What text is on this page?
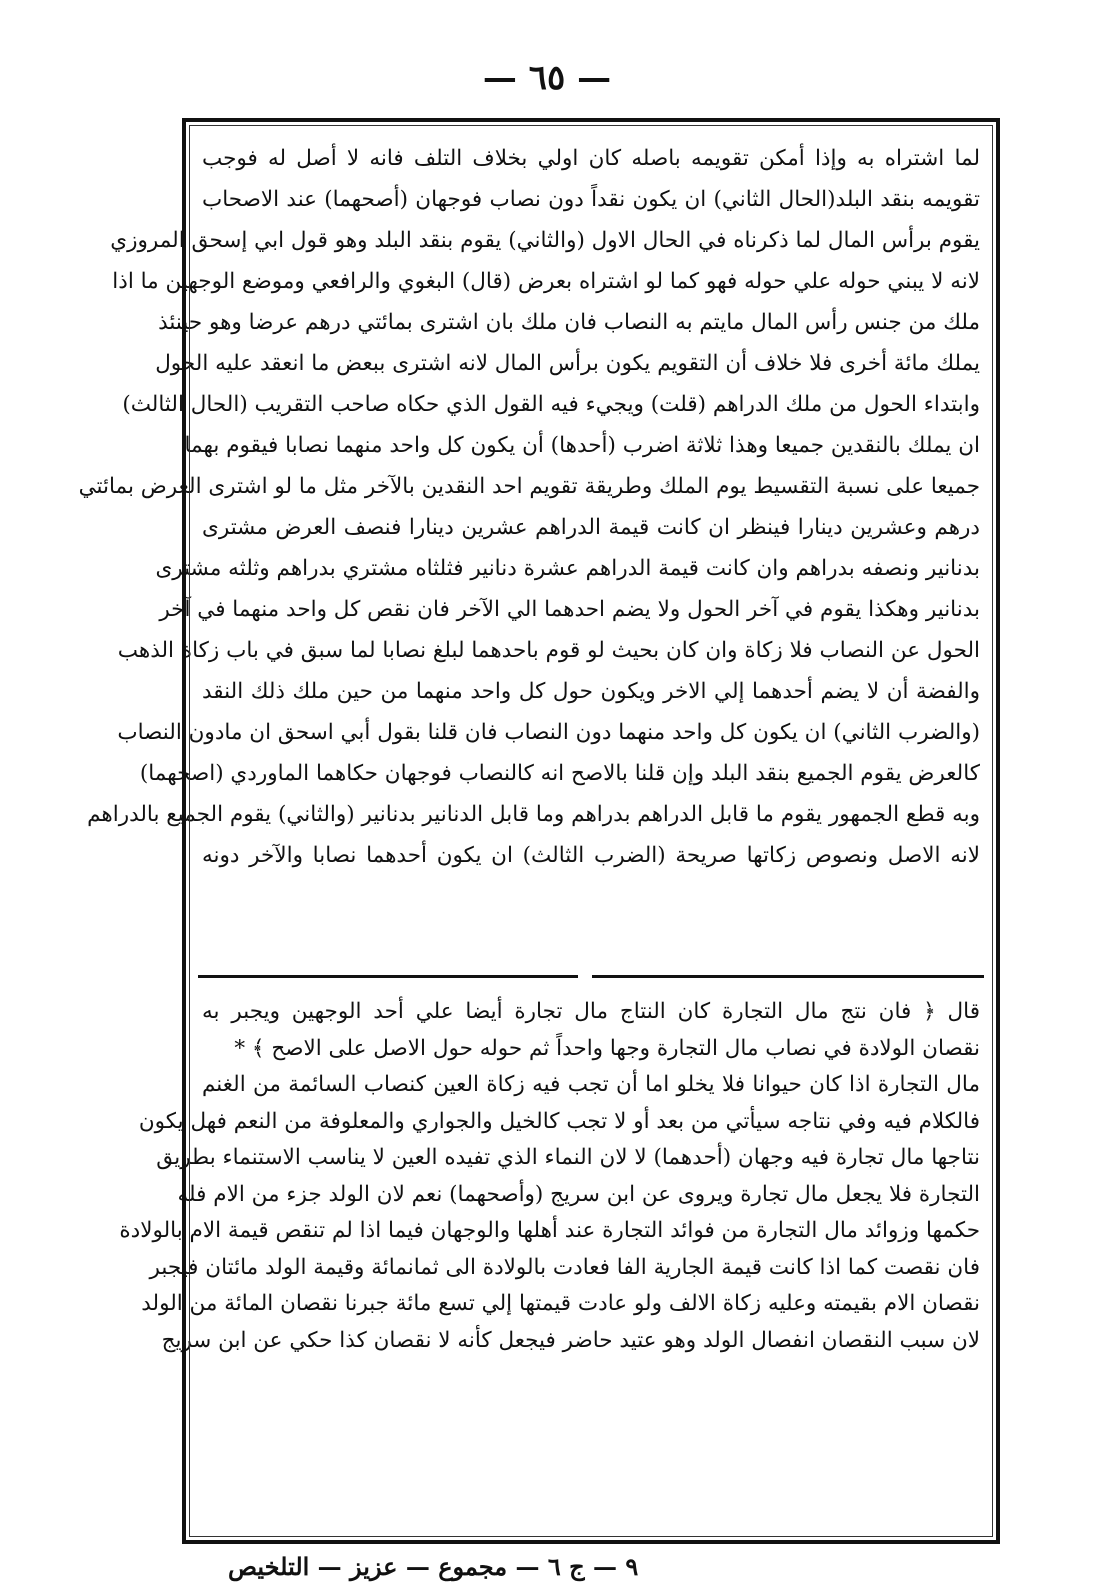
— ٦٥ —
لما اشتراه به وإذا أمكن تقويمه باصله كان اولي بخلاف التلف فانه لا أصل له فوجب
تقويمه بنقد البلد(الحال الثاني) ان يكون نقداً دون نصاب فوجهان (أصحهما) عند الاصحاب
يقوم برأس المال لما ذكرناه في الحال الاول (والثاني) يقوم بنقد البلد وهو قول ابي إسحق المروزي
لانه لا يبني حوله علي حوله فهو كما لو اشتراه بعرض (قال) البغوي والرافعي وموضع الوجهين ما اذا
ملك من جنس رأس المال مايتم به النصاب فان ملك بان اشترى بمائتي درهم عرضا وهو حينئذ
يملك مائة أخرى فلا خلاف أن التقويم يكون برأس المال لانه اشترى ببعض ما انعقد عليه الحول
وابتداء الحول من ملك الدراهم (قلت) ويجيء فيه القول الذي حكاه صاحب التقريب (الحال الثالث)
ان يملك بالنقدين جميعا وهذا ثلاثة اضرب (أحدها) أن يكون كل واحد منهما نصابا فيقوم بهما
جميعا على نسبة التقسيط يوم الملك وطريقة تقويم احد النقدين بالآخر مثل ما لو اشترى العرض بمائتي
درهم وعشرين دينارا فينظر ان كانت قيمة الدراهم عشرين دينارا فنصف العرض مشترى
بدنانير ونصفه بدراهم وان كانت قيمة الدراهم عشرة دنانير فثلثاه مشتري بدراهم وثلثه مشترى
بدنانير وهكذا يقوم في آخر الحول ولا يضم احدهما الي الآخر فان نقص كل واحد منهما في آخر
الحول عن النصاب فلا زكاة وان كان بحيث لو قوم باحدهما لبلغ نصابا لما سبق في باب زكاة الذهب
والفضة أن لا يضم أحدهما إلي الاخر ويكون حول كل واحد منهما من حين ملك ذلك النقد
(والضرب الثاني) ان يكون كل واحد منهما دون النصاب فان قلنا بقول أبي اسحق ان مادون النصاب
كالعرض يقوم الجميع بنقد البلد وإن قلنا بالاصح انه كالنصاب فوجهان حكاهما الماوردي (اصحهما)
وبه قطع الجمهور يقوم ما قابل الدراهم بدراهم وما قابل الدنانير بدنانير (والثاني) يقوم الجميع بالدراهم
لانه الاصل ونصوص زكاتها صريحة (الضرب الثالث) ان يكون أحدهما نصابا والآخر دونه
قال ﴿ فان نتج مال التجارة كان النتاج مال تجارة أيضا علي أحد الوجهين ويجبر به
نقصان الولادة في نصاب مال التجارة وجها واحداً ثم حوله حول الاصل على الاصح ﴾ *
مال التجارة اذا كان حيوانا فلا يخلو اما أن تجب فيه زكاة العين كنصاب السائمة من الغنم
فالكلام فيه وفي نتاجه سيأتي من بعد أو لا تجب كالخيل والجواري والمعلوفة من النعم فهل يكون
نتاجها مال تجارة فيه وجهان (أحدهما) لا لان النماء الذي تفيده العين لا يناسب الاستنماء بطريق
التجارة فلا يجعل مال تجارة ويروى عن ابن سريج (وأصحهما) نعم لان الولد جزء من الام فله
حكمها وزوائد مال التجارة من فوائد التجارة عند أهلها والوجهان فيما اذا لم تنقص قيمة الام بالولادة
فان نقصت كما اذا كانت قيمة الجارية الفا فعادت بالولادة الى ثمانمائة وقيمة الولد مائتان فيجبر
نقصان الام بقيمته وعليه زكاة الالف ولو عادت قيمتها إلي تسع مائة جبرنا نقصان المائة من الولد
لان سبب النقصان انفصال الولد وهو عتيد حاضر فيجعل كأنه لا نقصان كذا حكي عن ابن سريج
٩ — ج ٦ — مجموع — عزيز — التلخيص
